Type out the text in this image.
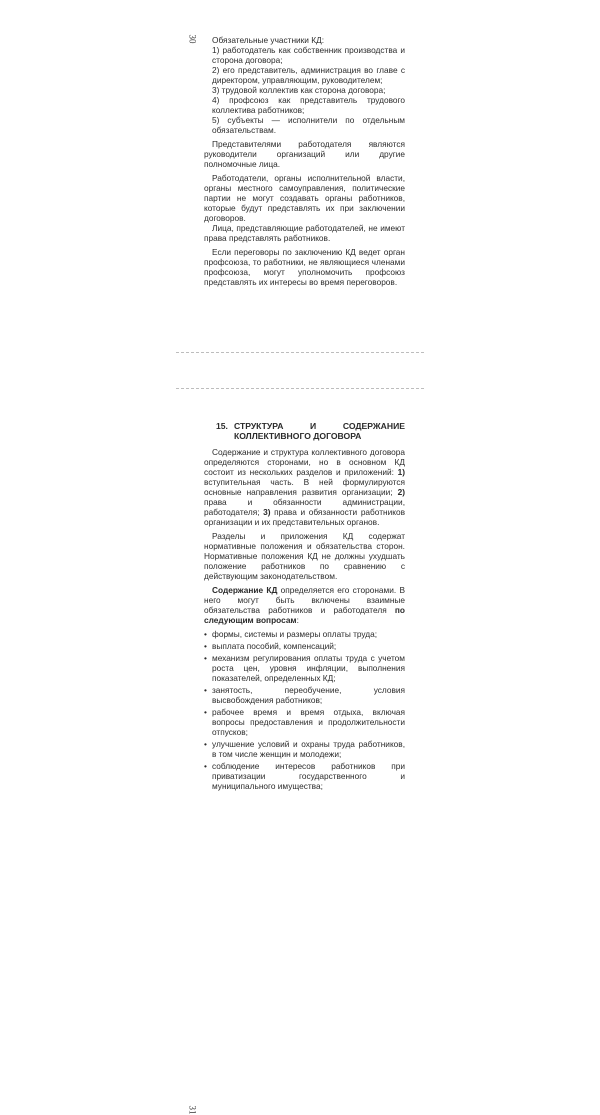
30	Обязательные участники КД:

1) работодатель как собственник производства и сторона договора;

2) его представитель, администрация во главе с директором, управляющим, руководителем;

3) трудовой коллектив как сторона договора;

4) профсоюз как представитель трудового коллектива работников;

5) субъекты — исполнители по отдельным обязательствам.

Представителями работодателя являются руководители организаций или другие полномочные лица.

Работодатели, органы исполнительной власти, органы местного самоуправления, политические партии не могут создавать органы работников, которые будут представлять их при заключении договоров.

Лица, представляющие работодателей, не имеют права представлять работников.

Если переговоры по заключению КД ведет орган профсоюза, то работники, не являющиеся членами профсоюза, могут уполномочить профсоюз представлять их интересы во время переговоров.

31
15. СТРУКТУРА И СОДЕРЖАНИЕ КОЛЛЕКТИВНОГО ДОГОВОРА

Содержание и структура коллективного договора определяются сторонами, но в основном КД состоит из нескольких разделов и приложений: 1) вступительная часть. В ней формулируются основные направления развития организации; 2) права и обязанности администрации, работодателя; 3) права и обязанности работников организации и их представительных органов.

Разделы и приложения КД содержат нормативные положения и обязательства сторон. Нормативные положения КД не должны ухудшать положение работников по сравнению с действующим законодательством.

Содержание КД определяется его сторонами. В него могут быть включены взаимные обязательства работников и работодателя по следующим вопросам:

• формы, системы и размеры оплаты труда;
• выплата пособий, компенсаций;
• механизм регулирования оплаты труда с учетом роста цен, уровня инфляции, выполнения показателей, определенных КД;
• занятость, переобучение, условия высвобождения работников;
• рабочее время и время отдыха, включая вопросы предоставления и продолжительности отпусков;
• улучшение условий и охраны труда работников, в том числе женщин и молодежи;
• соблюдение интересов работников при приватизации государственного и муниципального имущества;
